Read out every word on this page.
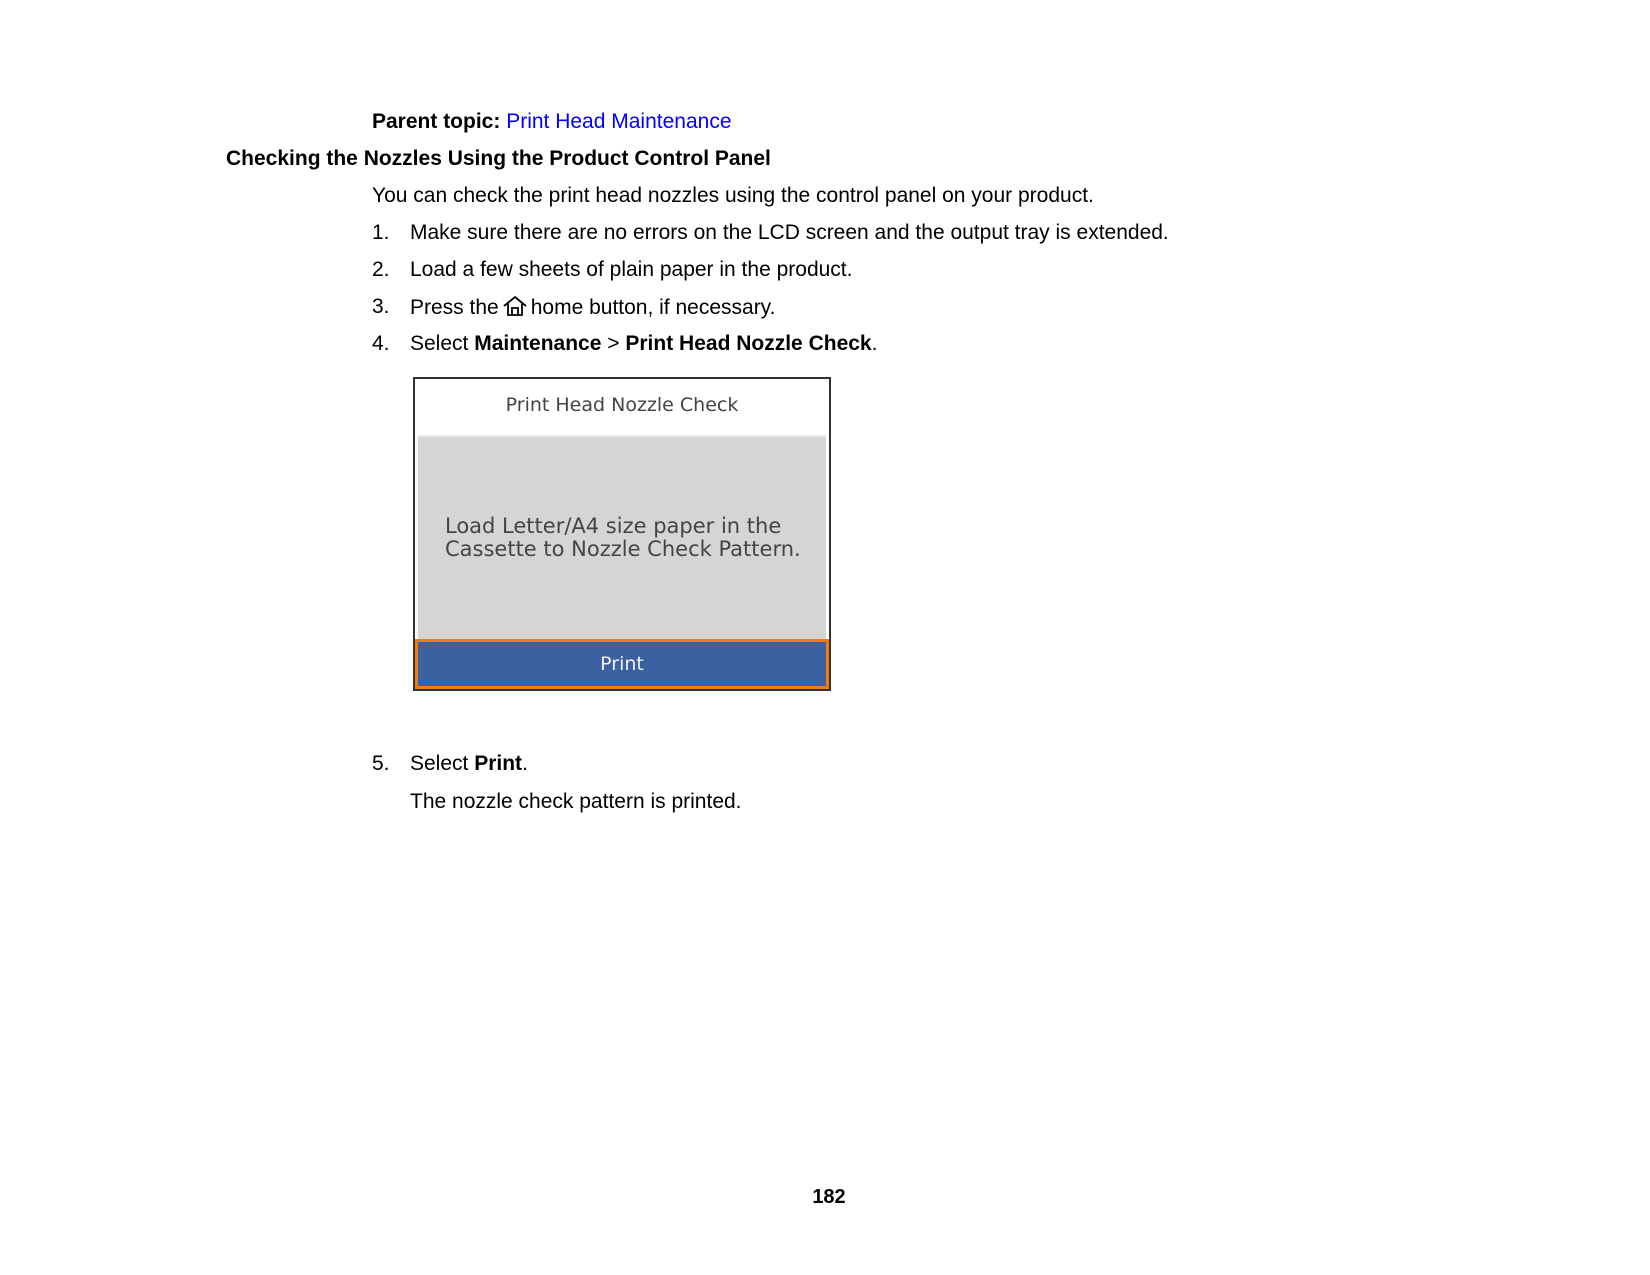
Parent topic: Print Head Maintenance
Checking the Nozzles Using the Product Control Panel
You can check the print head nozzles using the control panel on your product.
1. Make sure there are no errors on the LCD screen and the output tray is extended.
2. Load a few sheets of plain paper in the product.
3. Press the home button, if necessary.
4. Select Maintenance > Print Head Nozzle Check.
Print Head Nozzle Check
Load Letter/A4 size paper in the
Cassette to Nozzle Check Pattern.
Print
5. Select Print.
The nozzle check pattern is printed.
182
